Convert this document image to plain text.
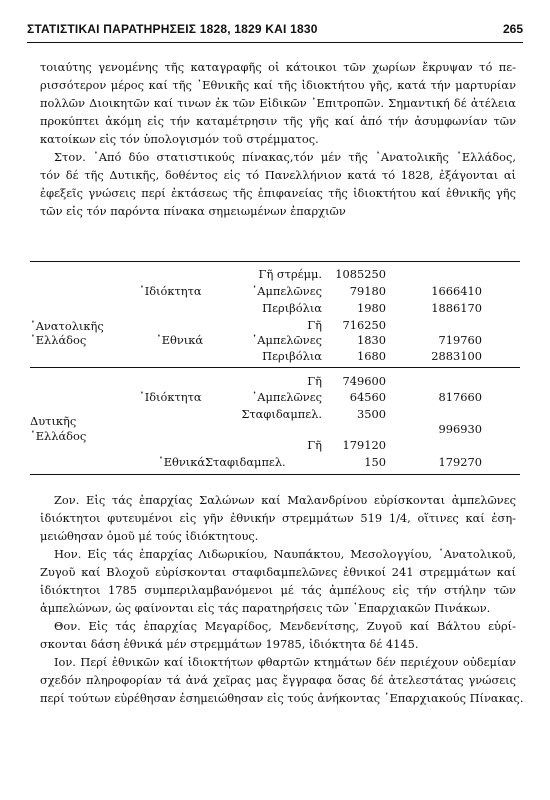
ΣΤΑΤΙΣΤΙΚΑΙ ΠΑΡΑΤΗΡΗΣΕΙΣ 1828, 1829 ΚΑΙ 1830	265

τοιαύτης γενομένης τῆς καταγραφῆς οἱ κάτοικοι τῶν χωρίων ἔκρυψαν τό πε-
ρισσότερον μέρος καί τῆς ᾿Εθνικῆς καί τῆς ἰδιοκτήτου γῆς, κατά τήν μαρτυρίαν
πολλῶν Διοικητῶν καί τινων ἐκ τῶν Εἰδικῶν ᾿Επιτροπῶν. Σημαντική δέ ἀτέλεια
προκύπτει ἀκόμη εἰς τήν καταμέτρησιν τῆς γῆς καί ἀπό τήν ἀσυμφωνίαν τῶν
κατοίκων εἰς τόν ὑπολογισμόν τοῦ στρέμματος.

Στον. ᾿Από δύο στατιστικούς πίνακας,τόν μέν τῆς ᾿Ανατολικῆς ᾿Ελλάδος,
τόν δέ τῆς Δυτικῆς, δοθέντος εἰς τό Πανελλήνιον κατά τό 1828, ἐξάγονται αἱ
ἐφεξεῖς γνώσεις περί ἐκτάσεως τῆς ἐπιφανείας τῆς ἰδιοκτήτου καί ἐθνικῆς γῆς
τῶν εἰς τόν παρόντα πίνακα σημειωμένων ἐπαρχιῶν

᾿Ανατολικῆς
᾿Ελλάδος
᾿Ιδιόκτητα
᾿Εθνικά
Γῆ στρέμμ.
᾿Αμπελῶνες
Περιβόλια
Γῆ
᾿Αμπελῶνες
Περιβόλια
1085250
79180
1980
716250
1830
1680
1666410
1886170
719760
2883100
Δυτικῆς
᾿Ελλάδος
᾿Ιδιόκτητα
Γῆ
᾿Αμπελῶνες
Σταφιδαμπελ.
Γῆ
᾿Εθνικά Σταφιδαμπελ.
749600
64560
3500
179120
150
817660
996930
179270

Ζον. Εἰς τάς ἐπαρχίας Σαλώνων καί Μαλανδρίνου εὑρίσκονται ἀμπελῶνες
ἰδιόκτητοι φυτευμένοι εἰς γῆν ἐθνικήν στρεμμάτων 519 1/4, οἵτινες καί ἐση-
μειώθησαν ὁμοῦ μέ τούς ἰδιόκτητους.

Ηον. Εἰς τάς ἐπαρχίας Λιδωρικίου, Ναυπάκτου, Μεσολογγίου, ᾿Ανατολικοῦ,
Ζυγοῦ καί Βλοχοῦ εὑρίσκονται σταφιδαμπελῶνες ἐθνικοί 241 στρεμμάτων καί
ἰδιόκτητοι 1785 συμπεριλαμβανόμενοι μέ τάς ἀμπέλους εἰς τήν στήλην τῶν
ἀμπελώνων, ὡς φαίνονται εἰς τάς παρατηρήσεις τῶν ᾿Επαρχιακῶν Πινάκων.

Θον. Εἰς τάς ἐπαρχίας Μεγαρίδος, Μενδενίτσης, Ζυγοῦ καί Βάλτου εὑρί-
σκονται δάση ἐθνικά μέν στρεμμάτων 19785, ἰδιόκτητα δέ 4145.

Ιον. Περί ἐθνικῶν καί ἰδιοκτήτων φθαρτῶν κτημάτων δέν περιέχουν οὐδεμίαν
σχεδόν πληροφορίαν τά ἀνά χεῖρας μας ἔγγραφα ὅσας δέ ἀτελεστάτας γνώσεις
περί τούτων εὑρέθησαν ἐσημειώθησαν εἰς τούς ἀνήκοντας ᾿Επαρχιακούς Πίνακας.
